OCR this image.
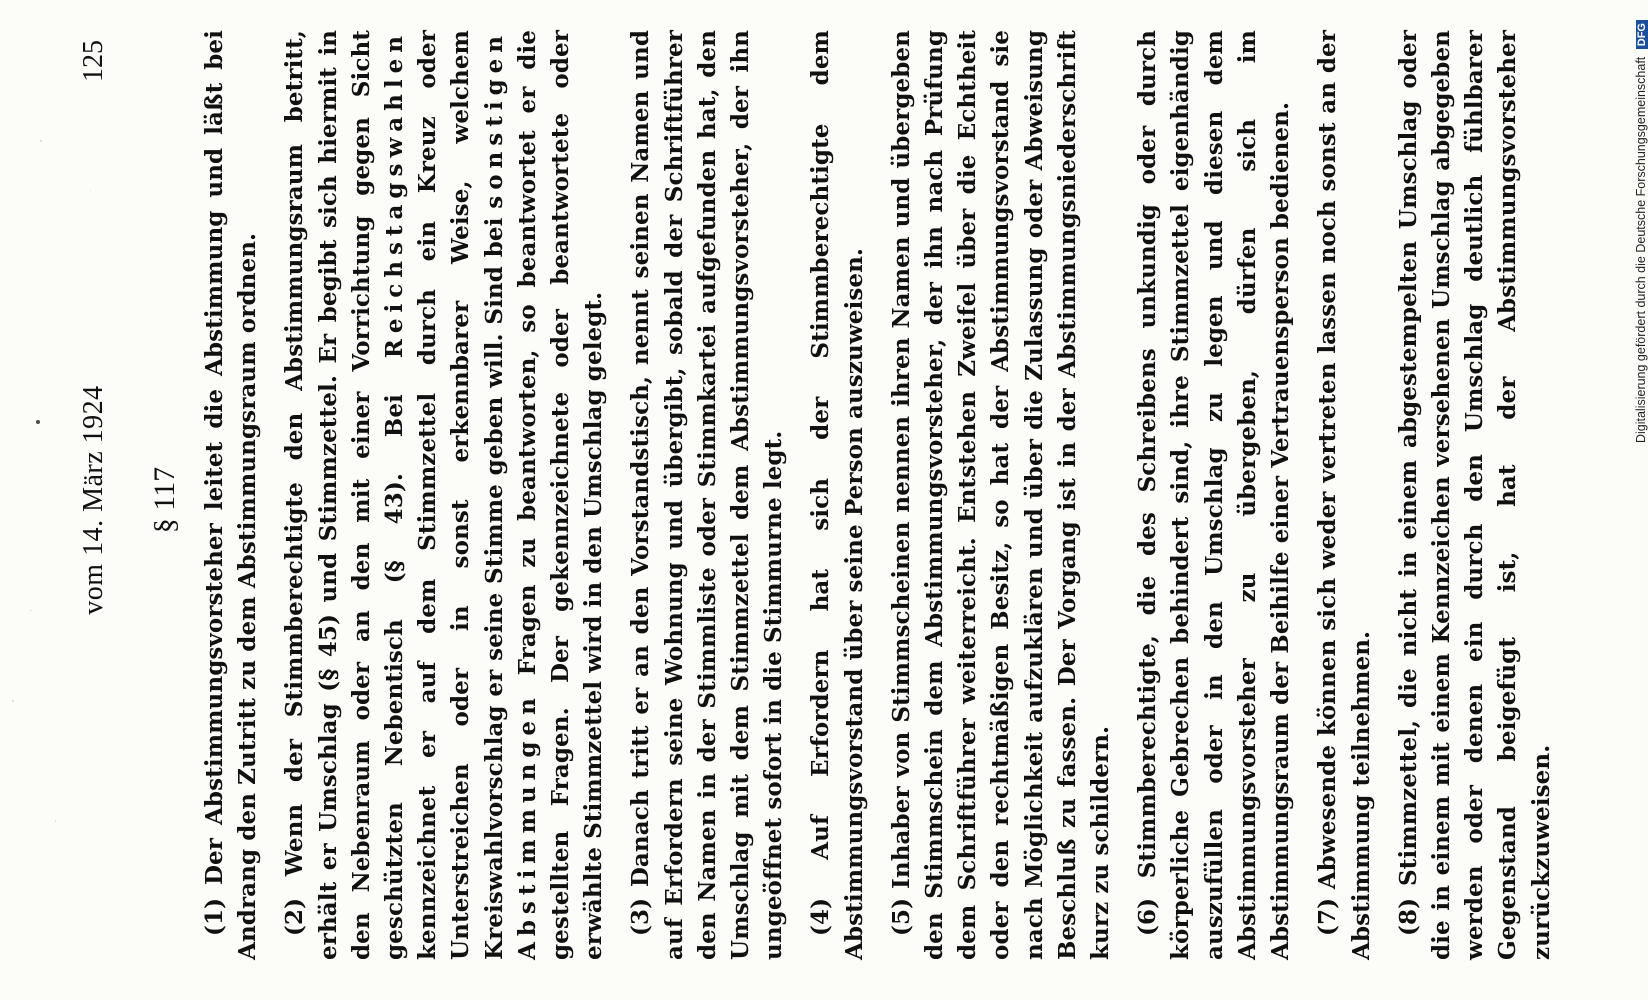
vom 14. März 1924
125
§ 117 (1) Der Abstimmungsvorsteher leitet die Abstimmung und läßt bei Andrang den Zutritt zu dem Abstimmungsraum ordnen. (2) Wenn der Stimmberechtigte den Abstimmungsraum betritt, erhält er Umschlag (§ 45) und Stimmzettel. Er begibt sich hiermit in den Nebenraum oder an den mit einer Vorrichtung gegen Sicht geschützten Nebentisch (§ 43). Bei Reichstagswahlen kennzeichnet er auf dem Stimmzettel durch ein Kreuz oder Unterstreichen oder in sonst erkennbarer Weise, welchem Kreiswahlvorschlag er seine Stimme geben will. Sind bei sonstigen Abstimmungen Fragen zu beantworten, so beantwortet er die gestellten Fragen. Der gekennzeichnete oder beantwortete oder erwählte Stimmzettel wird in den Umschlag gelegt. (3) Danach tritt er an den Vorstandstisch, nennt seinen Namen und auf Erfordern seine Wohnung und übergibt, sobald der Schriftführer den Namen in der Stimmliste oder Stimmkartei aufgefunden hat, den Umschlag mit dem Stimmzettel dem Abstimmungsvorsteher, der ihn ungeöffnet sofort in die Stimmurne legt. (4) Auf Erfordern hat sich der Stimmberechtigte dem Abstimmungsvorstand über seine Person auszuweisen. (5) Inhaber von Stimmscheinen nennen ihren Namen und übergeben den Stimmschein dem Abstimmungsvorsteher, der ihn nach Prüfung dem Schriftführer weiterreicht. Entstehen Zweifel über die Echtheit oder den rechtmäßigen Besitz, so hat der Abstimmungsvorstand sie nach Möglichkeit aufzuklären und über die Zulassung oder Abweisung Beschluß zu fassen. Der Vorgang ist in der Abstimmungsniederschrift kurz zu schildern. (6) Stimmberechtigte, die des Schreibens unkundig oder durch körperliche Gebrechen behindert sind, ihre Stimmzettel eigenhändig auszufüllen oder in den Umschlag zu legen und diesen dem Abstimmungsvorsteher zu übergeben, dürfen sich im Abstimmungsraum der Beihilfe einer Vertrauensperson bedienen. (7) Abwesende können sich weder vertreten lassen noch sonst an der Abstimmung teilnehmen. (8) Stimmzettel, die nicht in einem abgestempelten Umschlag oder die in einem mit einem Kennzeichen versehenen Umschlag abgegeben werden oder denen ein durch den Umschlag deutlich fühlbarer Gegenstand beigefügt ist, hat der Abstimmungsvorsteher zurückzuweisen.

Digitalisierung gefördert durch die Deutsche Forschungsgemeinschaft DFG
